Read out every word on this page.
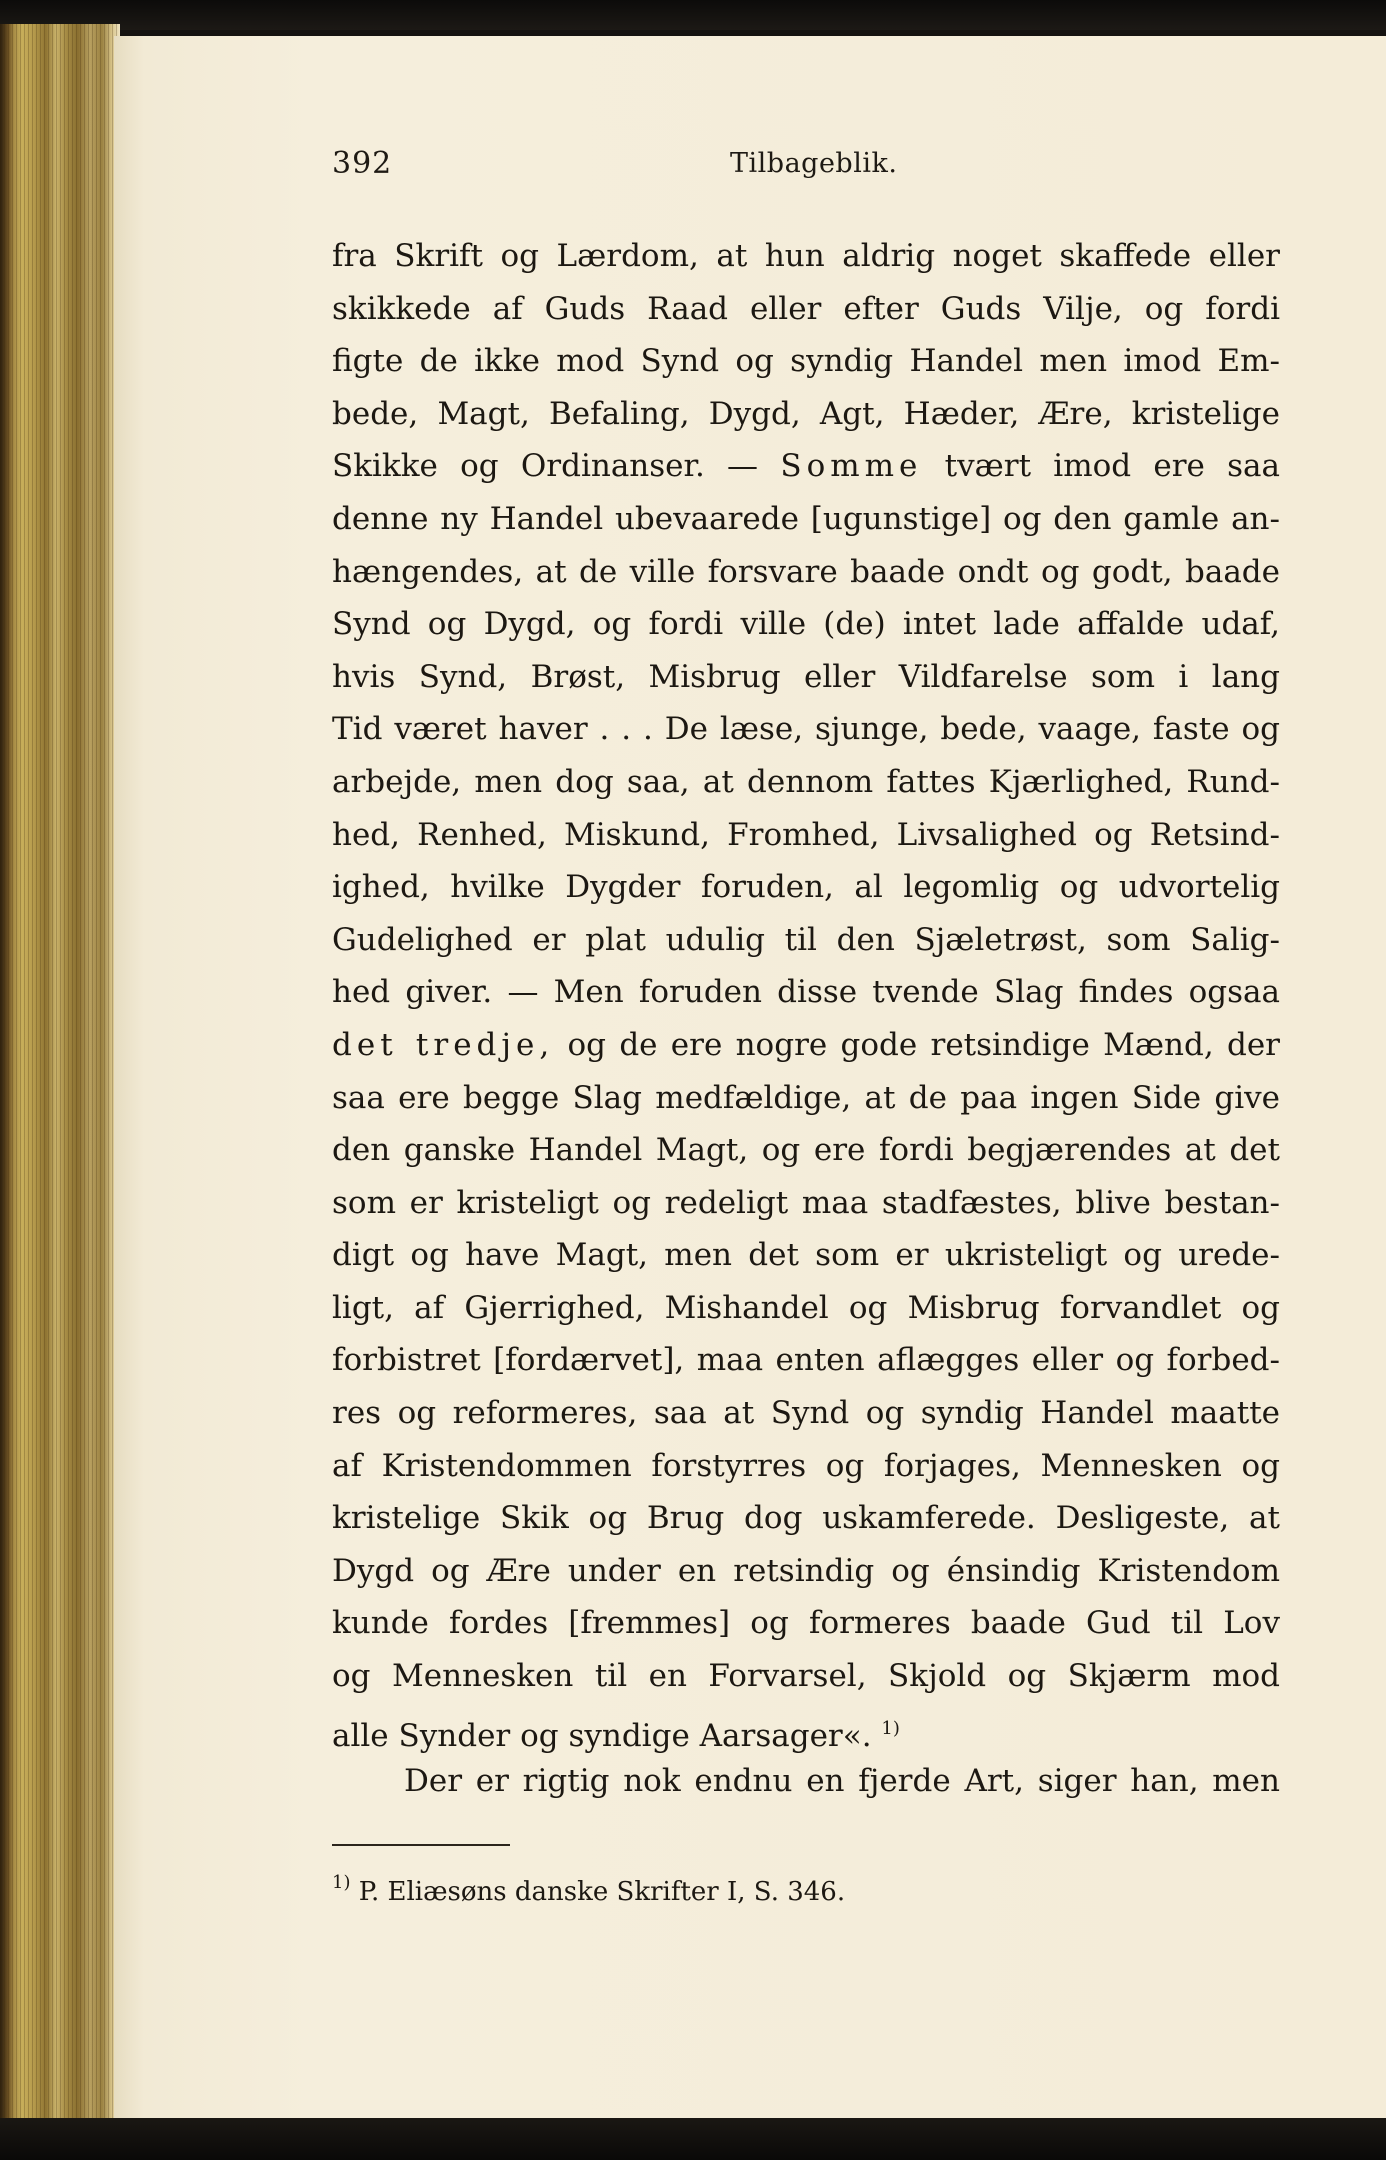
392	Tilbageblik.
fra Skrift og Lærdom, at hun aldrig noget skaffede eller
skikkede af Guds Raad eller efter Guds Vilje, og fordi
figte de ikke mod Synd og syndig Handel men imod Em-
bede, Magt, Befaling, Dygd, Agt, Hæder, Ære, kristelige
Skikke og Ordinanser. — Somme tvært imod ere saa
denne ny Handel ubevaarede [ugunstige] og den gamle an-
hængendes, at de ville forsvare baade ondt og godt, baade
Synd og Dygd, og fordi ville (de) intet lade affalde udaf,
hvis Synd, Brøst, Misbrug eller Vildfarelse som i lang
Tid været haver . . . De læse, sjunge, bede, vaage, faste og
arbejde, men dog saa, at dennom fattes Kjærlighed, Rund-
hed, Renhed, Miskund, Fromhed, Livsalighed og Retsind-
ighed, hvilke Dygder foruden, al legomlig og udvortelig
Gudelighed er plat udulig til den Sjæletrøst, som Salig-
hed giver. — Men foruden disse tvende Slag findes ogsaa
det tredje, og de ere nogre gode retsindige Mænd, der
saa ere begge Slag medfældige, at de paa ingen Side give
den ganske Handel Magt, og ere fordi begjærendes at det
som er kristeligt og redeligt maa stadfæstes, blive bestan-
digt og have Magt, men det som er ukristeligt og urede-
ligt, af Gjerrighed, Mishandel og Misbrug forvandlet og
forbistret [fordærvet], maa enten aflægges eller og forbed-
res og reformeres, saa at Synd og syndig Handel maatte
af Kristendommen forstyrres og forjages, Mennesken og
kristelige Skik og Brug dog uskamferede. Desligeste, at
Dygd og Ære under en retsindig og énsindig Kristendom
kunde fordes [fremmes] og formeres baade Gud til Lov
og Mennesken til en Forvarsel, Skjold og Skjærm mod
alle Synder og syndige Aarsager«. $^{1)}$
Der er rigtig nok endnu en fjerde Art, siger han, men
$^{1)}$ P. Eliæsøns danske Skrifter I, S. 346.
